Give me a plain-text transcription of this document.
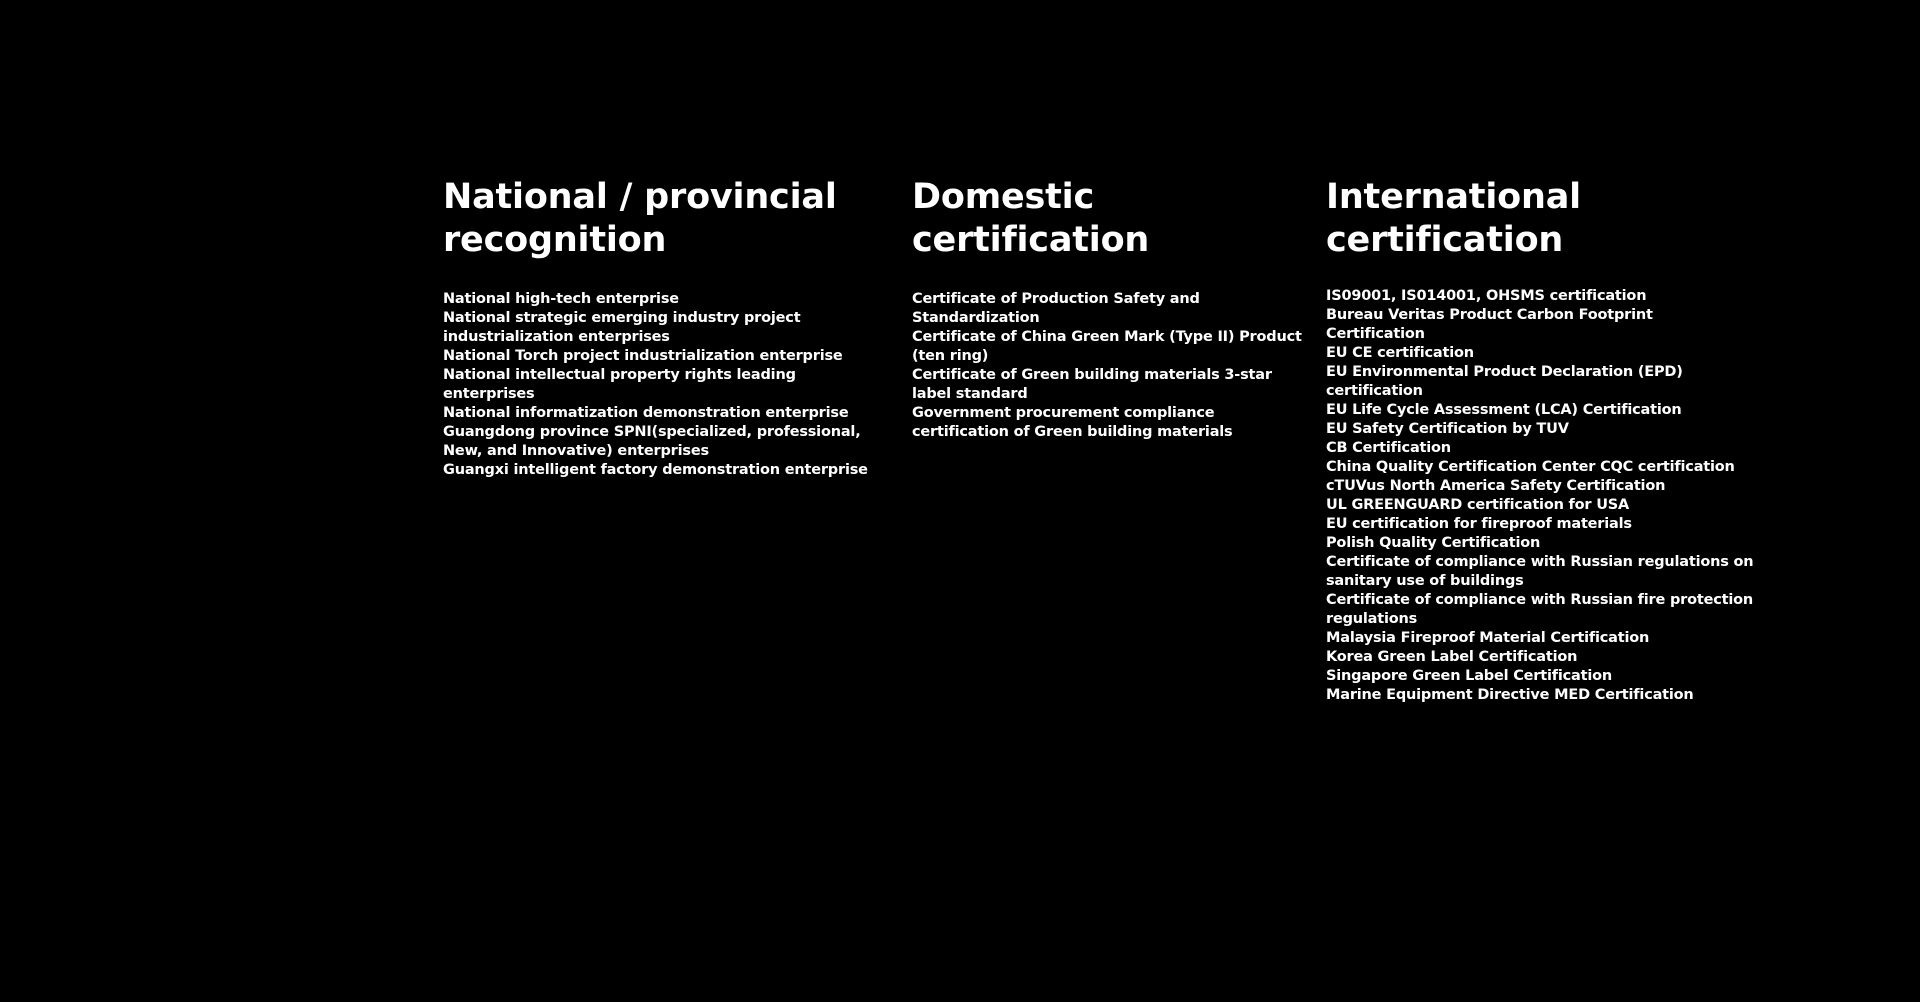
National / provincial recognition
National high-tech enterprise
National strategic emerging industry project industrialization enterprises
National Torch project industrialization enterprise
National intellectual property rights leading enterprises
National informatization demonstration enterprise
Guangdong province SPNI(specialized, professional, New, and Innovative) enterprises
Guangxi intelligent factory demonstration enterprise
Domestic certification
Certificate of Production Safety and Standardization
Certificate of China Green Mark (Type II) Product (ten ring)
Certificate of Green building materials 3-star label standard
Government procurement compliance certification of Green building materials
International certification
IS09001, IS014001, OHSMS certification
Bureau Veritas Product Carbon Footprint Certification
EU CE certification
EU Environmental Product Declaration (EPD) certification
EU Life Cycle Assessment (LCA) Certification
EU Safety Certification by TUV
CB Certification
China Quality Certification Center CQC certification
cTUVus North America Safety Certification
UL GREENGUARD certification for USA
EU certification for fireproof materials
Polish Quality Certification
Certificate of compliance with Russian regulations on sanitary use of buildings
Certificate of compliance with Russian fire protection regulations
Malaysia Fireproof Material Certification
Korea Green Label Certification
Singapore Green Label Certification
Marine Equipment Directive MED Certification
